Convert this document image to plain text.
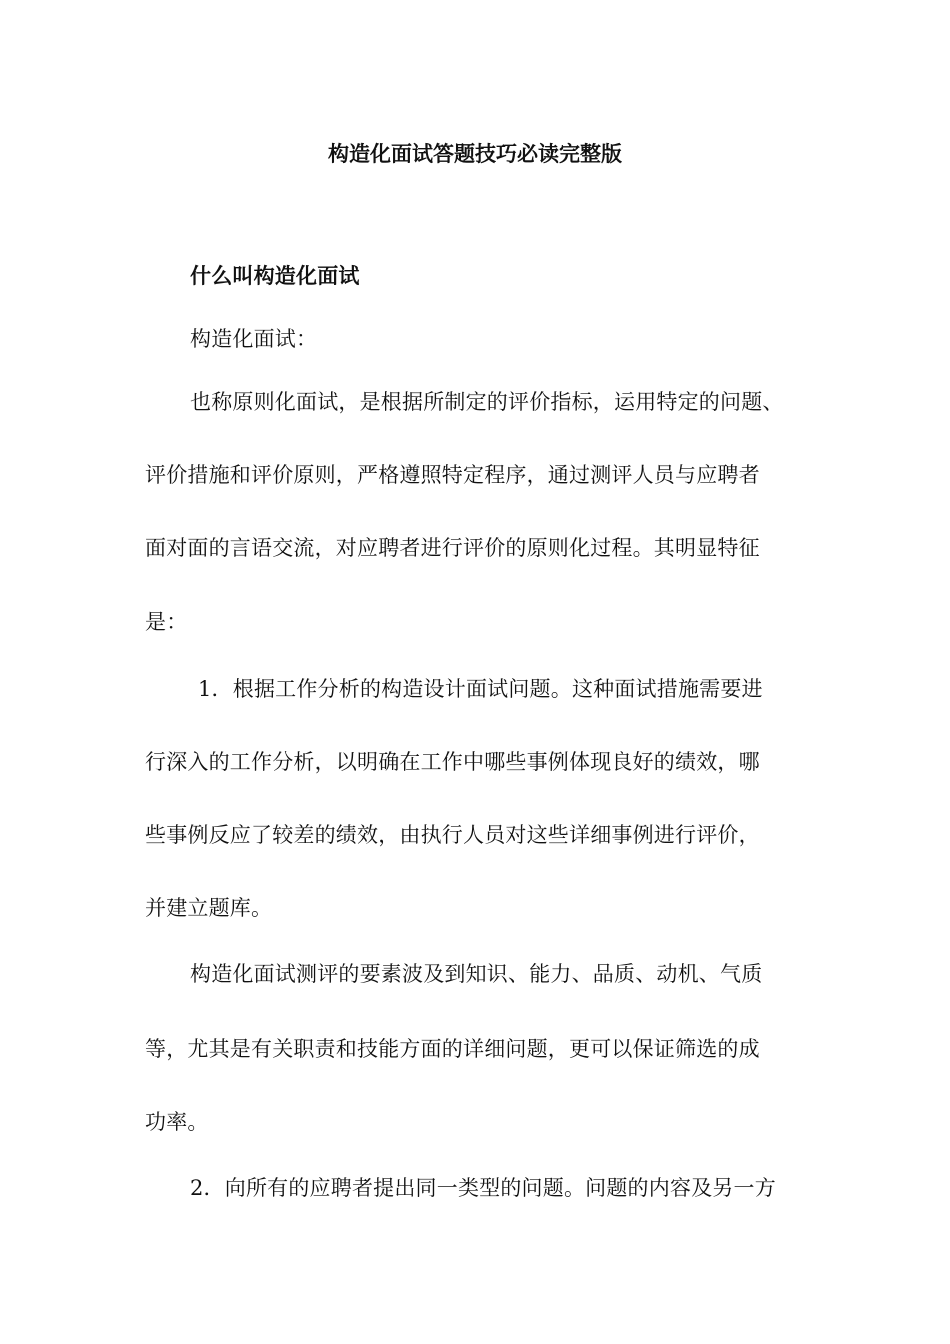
构造化面试答题技巧必读完整版
什么叫构造化面试
构造化面试：
也称原则化面试，是根据所制定的评价指标，运用特定的问题、
评价措施和评价原则，严格遵照特定程序，通过测评人员与应聘者
面对面的言语交流，对应聘者进行评价的原则化过程。其明显特征
是：
1．根据工作分析的构造设计面试问题。这种面试措施需要进
行深入的工作分析，以明确在工作中哪些事例体现良好的绩效，哪
些事例反应了较差的绩效，由执行人员对这些详细事例进行评价，
并建立题库。
构造化面试测评的要素波及到知识、能力、品质、动机、气质
等，尤其是有关职责和技能方面的详细问题，更可以保证筛选的成
功率。
2．向所有的应聘者提出同一类型的问题。问题的内容及另一方
